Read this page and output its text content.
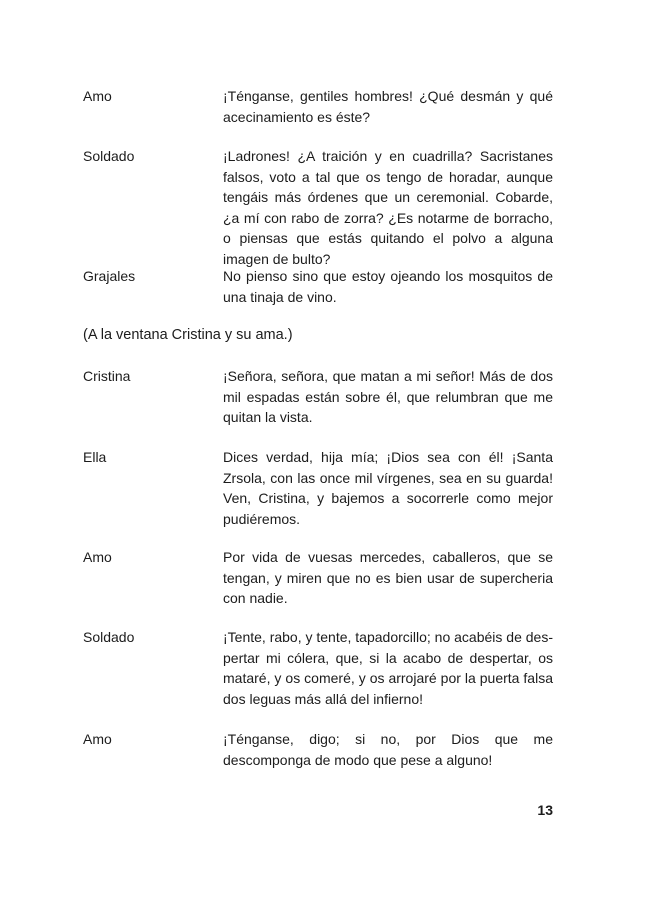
Amo	¡Ténganse, gentiles hombres! ¿Qué desmán y qué acecinamiento es éste?
Soldado	¡Ladrones! ¿A traición y en cuadrilla? Sacristanes falsos, voto a tal que os tengo de horadar, aunque tengáis más órdenes que un ceremonial. Cobarde, ¿a mí con rabo de zorra? ¿Es notarme de borracho, o piensas que estás quitando el polvo a alguna imagen de bulto?
Grajales	No pienso sino que estoy ojeando los mosquitos de una tinaja de vino.
(A la ventana Cristina y su ama.)
Cristina	¡Señora, señora, que matan a mi señor! Más de dos mil espadas están sobre él, que relumbran que me quitan la vista.
Ella	Dices verdad, hija mía; ¡Dios sea con él! ¡Santa Zrsola, con las once mil vírgenes, sea en su guarda! Ven, Cristina, y bajemos a socorrerle como mejor pudiéremos.
Amo	Por vida de vuesas mercedes, caballeros, que se tengan, y miren que no es bien usar de supercheria con nadie.
Soldado	¡Tente, rabo, y tente, tapadorcillo; no acabéis de despertar mi cólera, que, si la acabo de despertar, os mataré, y os comeré, y os arrojaré por la puerta falsa dos leguas más allá del infierno!
Amo	¡Ténganse, digo; si no, por Dios que me descomponga de modo que pese a alguno!
13
